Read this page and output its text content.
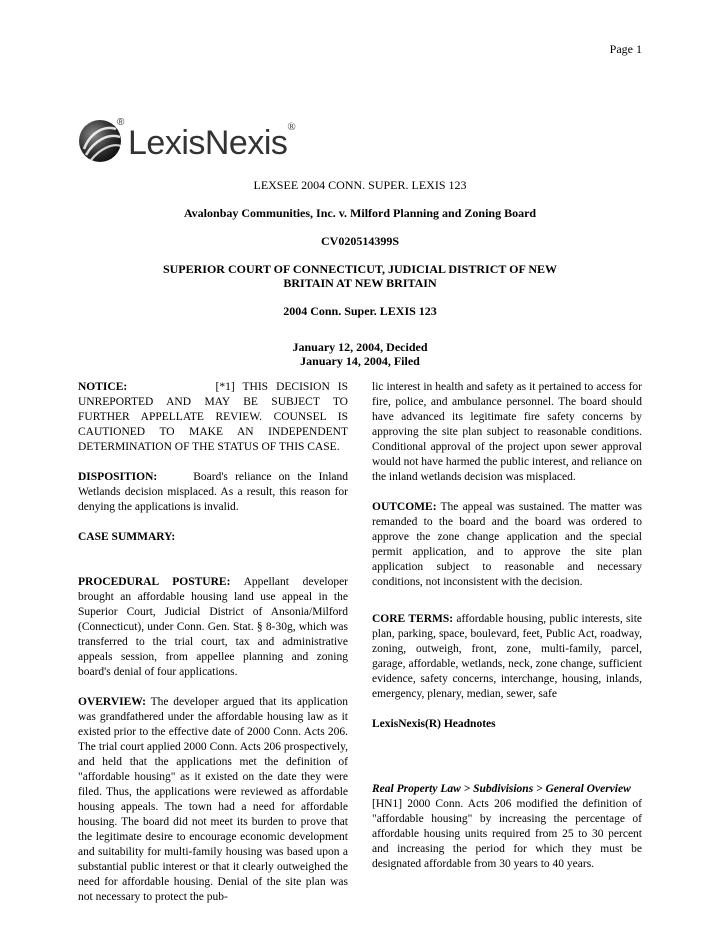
Page 1
®
LexisNexis ®

LEXSEE 2004 CONN. SUPER. LEXIS 123

Avalonbay Communities, Inc. v. Milford Planning and Zoning Board

CV020514399S

SUPERIOR COURT OF CONNECTICUT, JUDICIAL DISTRICT OF NEW

BRITAIN AT NEW BRITAIN

2004 Conn. Super. LEXIS 123

January 12, 2004, Decided

January 14, 2004, Filed

NOTICE:	[*1] THIS DECISION IS UNREPORTED AND MAY BE SUBJECT TO FURTHER APPELLATE REVIEW. COUNSEL IS CAUTIONED TO MAKE AN INDEPENDENT DETERMINATION OF THE STATUS OF THIS CASE.

DISPOSITION:	Board's reliance on the Inland Wetlands decision misplaced. As a result, this reason for denying the applications is invalid.

CASE SUMMARY:

PROCEDURAL POSTURE: Appellant developer brought an affordable housing land use appeal in the Superior Court, Judicial District of Ansonia/Milford (Connecticut), under Conn. Gen. Stat. § 8-30g, which was transferred to the trial court, tax and administrative appeals session, from appellee planning and zoning board's denial of four applications.

OVERVIEW: The developer argued that its application was grandfathered under the affordable housing law as it existed prior to the effective date of 2000 Conn. Acts 206. The trial court applied 2000 Conn. Acts 206 prospectively, and held that the applications met the definition of "affordable housing" as it existed on the date they were filed. Thus, the applications were reviewed as affordable housing appeals. The town had a need for affordable housing. The board did not meet its burden to prove that the legitimate desire to encourage economic development and suitability for multi-family housing was based upon a substantial public interest or that it clearly outweighed the need for affordable housing. Denial of the site plan was not necessary to protect the pub-

lic interest in health and safety as it pertained to access for fire, police, and ambulance personnel. The board should have advanced its legitimate fire safety concerns by approving the site plan subject to reasonable conditions. Conditional approval of the project upon sewer approval would not have harmed the public interest, and reliance on the inland wetlands decision was misplaced.

OUTCOME: The appeal was sustained. The matter was remanded to the board and the board was ordered to approve the zone change application and the special permit application, and to approve the site plan application subject to reasonable and necessary conditions, not inconsistent with the decision.

CORE TERMS: affordable housing, public interests, site plan, parking, space, boulevard, feet, Public Act, roadway, zoning, outweigh, front, zone, multi-family, parcel, garage, affordable, wetlands, neck, zone change, sufficient evidence, safety concerns, interchange, housing, inlands, emergency, plenary, median, sewer, safe

LexisNexis(R) Headnotes

Real Property Law > Subdivisions > General Overview
[HN1] 2000 Conn. Acts 206 modified the definition of "affordable housing" by increasing the percentage of affordable housing units required from 25 to 30 percent and increasing the period for which they must be designated affordable from 30 years to 40 years.
